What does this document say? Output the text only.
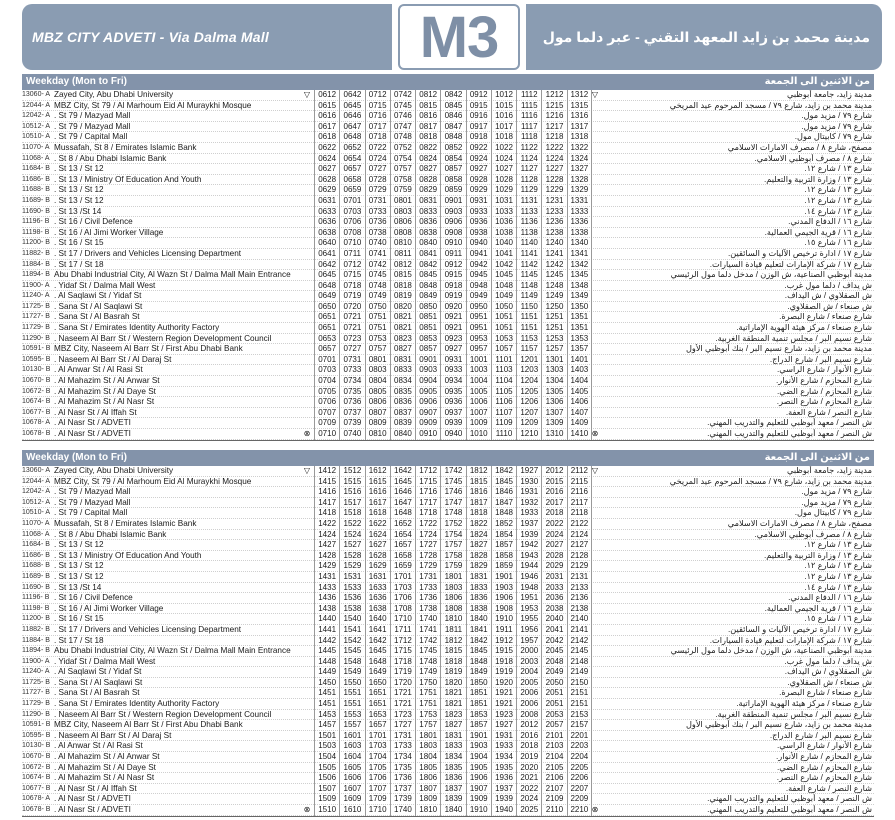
MBZ CITY ADVETI - Via Dalma Mall	M3	مدينة محمد بن زايد المعهد التقني - عبر دلما مول
Weekday (Mon to Fri)	من الاثنين الى الجمعة
13060- A Zayed City, Abu Dhabi University	▽	0612 0642 0712 0742 0812 0842 0912 1012	1112	1212 1312 ▽	مدينة زايد، جامعة أبوظبي
12044- A MBZ City, St 79 / Al Marhoum Eid Al Muraykhi Mosque	0615 0645 0715 0745 0815 0845 0915 1015	1115	1215 1315	مدينة محمد بن زايد، شارع ٧٩ / مسجد المرحوم عيد المريخي
12042- A . St 79 / Mazyad Mall	0616 0646 0716 0746 0816 0846 0916 1016	1116	1216 1316	شارع ٧٩ / مزيد مول.
10512- A . St 79 / Mazyad Mall	0617 0647 0717 0747 0817 0847 0917 1017	1117	1217 1317	شارع ٧٩ / مزيد مول.
10510- A . St 79 / Capital Mall	0618 0648 0718 0748 0818 0848 0918 1018	1118	1218 1318	شارع ٧٩ / كابيتال مول.
11070- A Mussafah, St 8 / Emirates Islamic Bank	0622 0652 0722 0752 0822 0852 0922 1022 1122 1222 1322	مصفح، شارع ٨ / مصرف الامارات الاسلامي
11068- A . St 8 / Abu Dhabi Islamic Bank	0624 0654 0724 0754 0824 0854 0924 1024 1124 1224 1324	شارع ٨ / مصرف أبوظبي الاسلامي.
11684- B . St 13 / St 12	0627 0657 0727 0757 0827 0857 0927 1027 1127 1227 1327	شارع ١٣ / شارع ١٢.
11686- B . St 13 / Ministry Of Education And Youth	0628 0658 0728 0758 0828 0858 0928 1028 1128 1228 1328	شارع ١٣ / وزارة التربية والتعليم.
11688- B . St 13 / St 12	0629 0659 0729 0759 0829 0859 0929 1029 1129 1229 1329	شارع ١٣ / شارع ١٢.
11689- B . St 13 / St 12	0631 0701 0731 0801 0831 0901 0931 1031 1131 1231 1331	شارع ١٣ / شارع ١٢.
11690- B . St 13 /St 14	0633 0703 0733 0803 0833 0903 0933 1033 1133 1233 1333	شارع ١٣ / شارع ١٤.
11196- B . St 16 / Civil Defence	0636 0706 0736 0806 0836 0906 0936 1036 1136 1236 1336	شارع ١٦ / الدفاع المدني.
11198- B . St 16 / Al Jimi Worker Village	0638 0708 0738 0808 0838 0908 0938 1038 1138 1238 1338	شارع ١٦ / قرية الجيمي العمالية.
11200- B . St 16 / St 15	0640 0710 0740 0810 0840 0910 0940 1040 1140 1240 1340	شارع ١٦ / شارع ١٥.
11882- B . St 17 / Drivers and Vehicles Licensing Department	0641 0711 0741 0811 0841 0911 0941 1041 1141 1241 1341	شارع ١٧ / ادارة ترخيص الآليات و السائقين.
11884- B . St 17 / St 18	0642 0712 0742 0812 0842 0912 0942 1042 1142 1242 1342	شارع ١٧ / شركة الإمارات لتعليم قيادة السيارات.
11894- B Abu Dhabi Industrial City, Al Wazn St / Dalma Mall Main Entrance	0645 0715 0745 0815 0845 0915 0945 1045 1145 1245 1345	مدينة أبوظبي الصناعية، ش الوزن / مدخل دلما مول الرئيسي
11900- A . Yidaf St / Dalma Mall West	0648 0718 0748 0818 0848 0918 0948 1048 1148 1248 1348	ش يداف / دلما مول غرب.
11240- A . Al Saqlawi St / Yidaf St	0649 0719 0749 0819 0849 0919 0949 1049 1149 1249 1349	ش الصقلاوي / ش اليداف.
11725- B . Sana St / Al Saqlawi St	0650 0720 0750 0820 0850 0920 0950 1050 1150 1250 1350	ش صنعاء / ش الصقلاوي.
11727- B . Sana St / Al Basrah St	0651 0721 0751 0821 0851 0921 0951 1051 1151 1251 1351	شارع صنعاء / شارع البصرة.
11729- B . Sana St / Emirates Identity Authority Factory	0651 0721 0751 0821 0851 0921 0951 1051 1151 1251 1351	شارع صنعاء / مركز هيئة الهوية الإماراتية.
11290- B . Naseem Al Barr St / Western Region Development Council	0653 0723 0753 0823 0853 0923 0953 1053 1153 1253 1353	شارع نسيم البر / مجلس تنمية المنطقة الغربية.
10591- B MBZ City, Naseem Al Barr St / First Abu Dhabi Bank	0657 0727 0757 0827 0857 0927 0957 1057 1157 1257 1357	مدينة محمد بن زايد، شارع نسيم البر / بنك أبوظبي الأول
10595- B . Naseem Al Barr St / Al Daraj St	0701 0731 0801 0831 0901 0931 1001 1101 1201 1301 1401	شارع نسيم البر / شارع الدراج.
10130- B . Al Anwar St / Al Rasi St	0703 0733 0803 0833 0903 0933 1003 1103 1203 1303 1403	شارع الأنوار / شارع الراسي.
10670- B . Al Mahazim St / Al Anwar St	0704 0734 0804 0834 0904 0934 1004 1104 1204 1304 1404	شارع المحازم / شارع الأنوار.
10672- B . Al Mahazim St / Al Daye St	0705 0735 0805 0835 0905 0935 1005 1105 1205 1305 1405	شارع المحازم / شارع الضي.
10674- B . Al Mahazim St / Al Nasr St	0706 0736 0806 0836 0906 0936 1006 1106 1206 1306 1406	شارع المحازم / شارع النصر.
10677- B . Al Nasr St / Al Iffah St	0707 0737 0807 0837 0907 0937 1007 1107 1207 1307 1407	شارع النصر / شارع العفة.
10678- A . Al Nasr St / ADVETI	0709 0739 0809 0839 0909 0939 1009 1109 1209 1309 1409	ش النصر / معهد أبوظبي للتعليم والتدريب المهني.
10678- B . Al Nasr St / ADVETI	⊗ 0710 0740 0810 0840 0910 0940 1010	1110	1210 1310 1410 ⊗	ش النصر / معهد أبوظبي للتعليم والتدريب المهني.
Weekday (Mon to Fri)	من الاثنين الى الجمعة
13060- A Zayed City, Abu Dhabi University	▽	1412 1512 1612 1642 1712 1742 1812 1842 1927 2012 2112 ▽	مدينة زايد، جامعة أبوظبي
12044- A MBZ City, St 79 / Al Marhoum Eid Al Muraykhi Mosque	1415 1515 1615 1645 1715 1745 1815 1845 1930 2015 2115	مدينة محمد بن زايد، شارع ٧٩ / مسجد المرحوم عيد المريخي
12042- A . St 79 / Mazyad Mall	1416 1516 1616 1646 1716 1746 1816 1846 1931 2016 2116	شارع ٧٩ / مزيد مول.
10512- A . St 79 / Mazyad Mall	1417 1517 1617 1647 1717 1747 1817 1847 1932 2017 2117	شارع ٧٩ / مزيد مول.
10510- A . St 79 / Capital Mall	1418 1518 1618 1648 1718 1748 1818 1848 1933 2018 2118	شارع ٧٩ / كابيتال مول.
11070- A Mussafah, St 8 / Emirates Islamic Bank	1422 1522 1622 1652 1722 1752 1822 1852 1937 2022 2122	مصفح، شارع ٨ / مصرف الامارات الاسلامي
11068- A . St 8 / Abu Dhabi Islamic Bank	1424 1524 1624 1654 1724 1754 1824 1854 1939 2024 2124	شارع ٨ / مصرف أبوظبي الاسلامي.
11684- B . St 13 / St 12	1427 1527 1627 1657 1727 1757 1827 1857 1942 2027 2127	شارع ١٣ / شارع ١٢.
11686- B . St 13 / Ministry Of Education And Youth	1428 1528 1628 1658 1728 1758 1828 1858 1943 2028 2128	شارع ١٣ / وزارة التربية والتعليم.
11688- B . St 13 / St 12	1429 1529 1629 1659 1729 1759 1829 1859 1944 2029 2129	شارع ١٣ / شارع ١٢.
11689- B . St 13 / St 12	1431 1531 1631 1701 1731 1801 1831 1901 1946 2031 2131	شارع ١٣ / شارع ١٢.
11690- B . St 13 /St 14	1433 1533 1633 1703 1733 1803 1833 1903 1948 2033 2133	شارع ١٣ / شارع ١٤.
11196- B . St 16 / Civil Defence	1436 1536 1636 1706 1736 1806 1836 1906 1951 2036 2136	شارع ١٦ / الدفاع المدني.
11198- B . St 16 / Al Jimi Worker Village	1438 1538 1638 1708 1738 1808 1838 1908 1953 2038 2138	شارع ١٦ / قرية الجيمي العمالية.
11200- B . St 16 / St 15	1440 1540 1640 1710 1740 1810 1840 1910 1955 2040 2140	شارع ١٦ / شارع ١٥.
11882- B . St 17 / Drivers and Vehicles Licensing Department	1441 1541 1641 1711 1741 1811 1841 1911 1956 2041 2141	شارع ١٧ / ادارة ترخيص الآليات و السائقين.
11884- B . St 17 / St 18	1442 1542 1642 1712 1742 1812 1842 1912 1957 2042 2142	شارع ١٧ / شركة الإمارات لتعليم قيادة السيارات.
11894- B Abu Dhabi Industrial City, Al Wazn St / Dalma Mall Main Entrance	1445 1545 1645 1715 1745 1815 1845 1915 2000 2045 2145	مدينة أبوظبي الصناعية، ش الوزن / مدخل دلما مول الرئيسي
11900- A . Yidaf St / Dalma Mall West	1448 1548 1648 1718 1748 1818 1848 1918 2003 2048 2148	ش يداف / دلما مول غرب.
11240- A . Al Saqlawi St / Yidaf St	1449 1549 1649 1719 1749 1819 1849 1919 2004 2049 2149	ش الصقلاوي / ش اليداف.
11725- B . Sana St / Al Saqlawi St	1450 1550 1650 1720 1750 1820 1850 1920 2005 2050 2150	ش صنعاء / ش الصقلاوي.
11727- B . Sana St / Al Basrah St	1451 1551 1651 1721 1751 1821 1851 1921 2006 2051 2151	شارع صنعاء / شارع البصرة.
11729- B . Sana St / Emirates Identity Authority Factory	1451 1551 1651 1721 1751 1821 1851 1921 2006 2051 2151	شارع صنعاء / مركز هيئة الهوية الإماراتية.
11290- B . Naseem Al Barr St / Western Region Development Council	1453 1553 1653 1723 1753 1823 1853 1923 2008 2053 2153	شارع نسيم البر / مجلس تنمية المنطقة الغربية.
10591- B MBZ City, Naseem Al Barr St / First Abu Dhabi Bank	1457 1557 1657 1727 1757 1827 1857 1927 2012 2057 2157	مدينة محمد بن زايد، شارع نسيم البر / بنك أبوظبي الأول
10595- B . Naseem Al Barr St / Al Daraj St	1501 1601 1701 1731 1801 1831 1901 1931 2016 2101 2201	شارع نسيم البر / شارع الدراج.
10130- B . Al Anwar St / Al Rasi St	1503 1603 1703 1733 1803 1833 1903 1933 2018 2103 2203	شارع الأنوار / شارع الراسي.
10670- B . Al Mahazim St / Al Anwar St	1504 1604 1704 1734 1804 1834 1904 1934 2019 2104 2204	شارع المحازم / شارع الأنوار.
10672- B . Al Mahazim St / Al Daye St	1505 1605 1705 1735 1805 1835 1905 1935 2020 2105 2205	شارع المحازم / شارع الضي.
10674- B . Al Mahazim St / Al Nasr St	1506 1606 1706 1736 1806 1836 1906 1936 2021 2106 2206	شارع المحازم / شارع النصر.
10677- B . Al Nasr St / Al Iffah St	1507 1607 1707 1737 1807 1837 1907 1937 2022 2107 2207	شارع النصر / شارع العفة.
10678- A . Al Nasr St / ADVETI	1509 1609 1709 1739 1809 1839 1909 1939 2024 2109 2209	ش النصر / معهد أبوظبي للتعليم والتدريب المهني.
10678- B . Al Nasr St / ADVETI	⊗ 1510 1610 1710 1740 1810 1840 1910 1940 2025 2110 2210 ⊗	ش النصر / معهد أبوظبي للتعليم والتدريب المهني.
